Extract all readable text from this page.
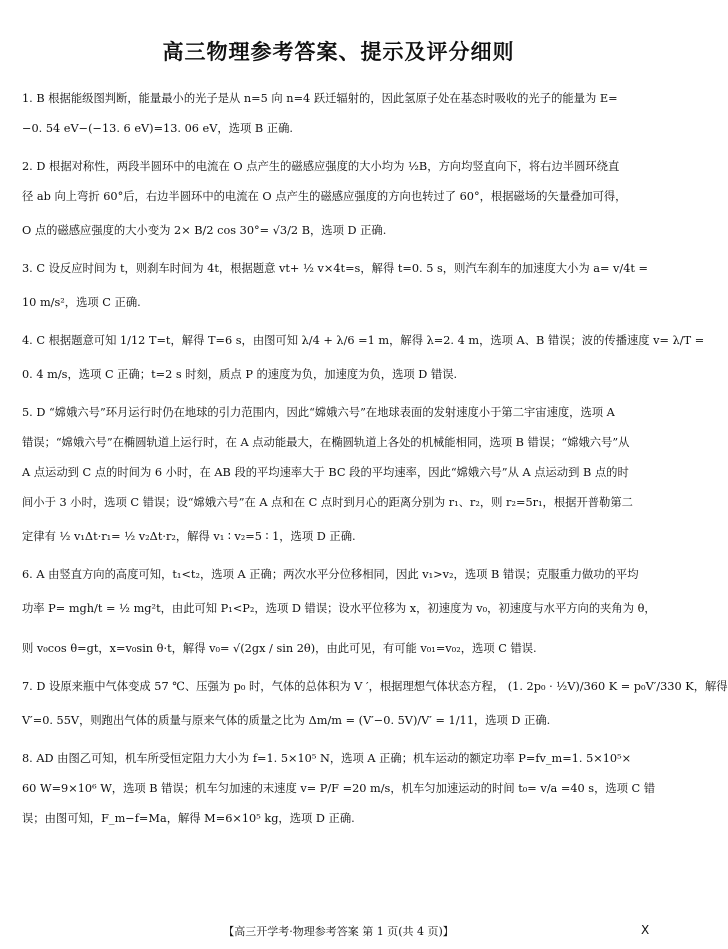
高三物理参考答案、提示及评分细则
1. B 根据能级图判断，能量最小的光子是从 n=5 向 n=4 跃迁辐射的，因此氢原子处在基态时吸收的光子的能量为 E=
−0. 54 eV−(−13. 6 eV)=13. 06 eV，选项 B 正确.
2. D 根据对称性，两段半圆环中的电流在 O 点产生的磁感应强度的大小均为 ½B，方向均竖直向下，将右边半圆环绕直
径 ab 向上弯折 60°后，右边半圆环中的电流在 O 点产生的磁感应强度的方向也转过了 60°，根据磁场的矢量叠加可得，
O 点的磁感应强度的大小变为 2× B/2 cos 30°= √3/2 B，选项 D 正确.
3. C 设反应时间为 t，则刹车时间为 4t，根据题意 vt+ ½ v×4t=s，解得 t=0. 5 s，则汽车刹车的加速度大小为 a= v/4t =
10 m/s²，选项 C 正确.
4. C 根据题意可知 1/12 T=t，解得 T=6 s，由图可知 λ/4 + λ/6 =1 m，解得 λ=2. 4 m，选项 A、B 错误；波的传播速度 v= λ/T =
0. 4 m/s，选项 C 正确；t=2 s 时刻，质点 P 的速度为负，加速度为负，选项 D 错误.
5. D “嫦娥六号”环月运行时仍在地球的引力范围内，因此“嫦娥六号”在地球表面的发射速度小于第二宇宙速度，选项 A
错误；“嫦娥六号”在椭圆轨道上运行时，在 A 点动能最大，在椭圆轨道上各处的机械能相同，选项 B 错误；“嫦娥六号”从
A 点运动到 C 点的时间为 6 小时，在 AB 段的平均速率大于 BC 段的平均速率，因此“嫦娥六号”从 A 点运动到 B 点的时
间小于 3 小时，选项 C 错误；设“嫦娥六号”在 A 点和在 C 点时到月心的距离分别为 r₁、r₂，则 r₂=5r₁，根据开普勒第二
定律有 ½ v₁Δt·r₁= ½ v₂Δt·r₂，解得 v₁ ∶ v₂=5 ∶ 1，选项 D 正确.
6. A 由竖直方向的高度可知，t₁<t₂，选项 A 正确；两次水平分位移相同，因此 v₁>v₂，选项 B 错误；克服重力做功的平均
功率 P= mgh/t = ½ mg²t，由此可知 P₁<P₂，选项 D 错误；设水平位移为 x，初速度为 v₀，初速度与水平方向的夹角为 θ，
则 v₀cos θ=gt，x=v₀sin θ·t，解得 v₀= √(2gx / sin 2θ)，由此可见，有可能 v₀₁=v₀₂，选项 C 错误.
7. D 设原来瓶中气体变成 57 ℃、压强为 p₀ 时，气体的总体积为 V ′，根据理想气体状态方程， (1. 2p₀ · ½V)/360 K = p₀V′/330 K，解得
V′=0. 55V，则跑出气体的质量与原来气体的质量之比为 Δm/m = (V′−0. 5V)/V′ = 1/11，选项 D 正确.
8. AD 由图乙可知，机车所受恒定阻力大小为 f=1. 5×10⁵ N，选项 A 正确；机车运动的额定功率 P=fv_m=1. 5×10⁵×
60 W=9×10⁶ W，选项 B 错误；机车匀加速的末速度 v= P/F =20 m/s，机车匀加速运动的时间 t₀= v/a =40 s，选项 C 错
误；由图可知，F_m−f=Ma，解得 M=6×10⁵ kg，选项 D 正确.
【高三开学考·物理参考答案 第 1 页(共 4 页)】	X
